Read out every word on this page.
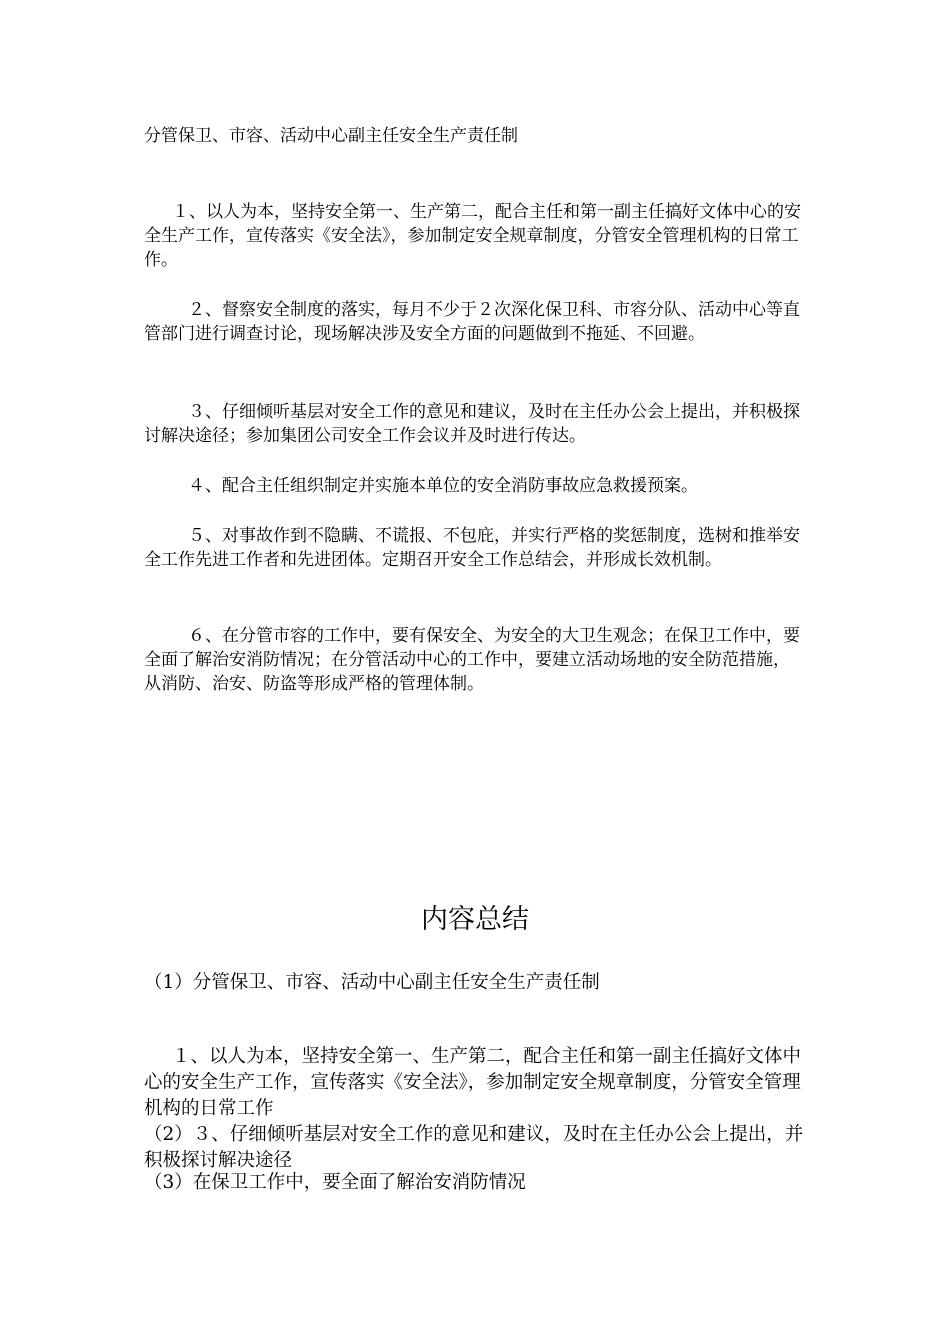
分管保卫、市容、活动中心副主任安全生产责任制
１、以人为本，坚持安全第一、生产第二，配合主任和第一副主任搞好文体中心的安全生产工作，宣传落实《安全法》，参加制定安全规章制度，分管安全管理机构的日常工作。
２、督察安全制度的落实，每月不少于２次深化保卫科、市容分队、活动中心等直管部门进行调查讨论，现场解决涉及安全方面的问题做到不拖延、不回避。
３、仔细倾听基层对安全工作的意见和建议，及时在主任办公会上提出，并积极探讨解决途径；参加集团公司安全工作会议并及时进行传达。
４、配合主任组织制定并实施本单位的安全消防事故应急救援预案。
５、对事故作到不隐瞒、不谎报、不包庇，并实行严格的奖惩制度，选树和推举安全工作先进工作者和先进团体。定期召开安全工作总结会，并形成长效机制。
６、在分管市容的工作中，要有保安全、为安全的大卫生观念；在保卫工作中，要全面了解治安消防情况；在分管活动中心的工作中，要建立活动场地的安全防范措施，从消防、治安、防盗等形成严格的管理体制。
内容总结
（1）分管保卫、市容、活动中心副主任安全生产责任制
１、以人为本，坚持安全第一、生产第二，配合主任和第一副主任搞好文体中心的安全生产工作，宣传落实《安全法》，参加制定安全规章制度，分管安全管理机构的日常工作
（2）３、仔细倾听基层对安全工作的意见和建议，及时在主任办公会上提出，并积极探讨解决途径
（3）在保卫工作中，要全面了解治安消防情况
